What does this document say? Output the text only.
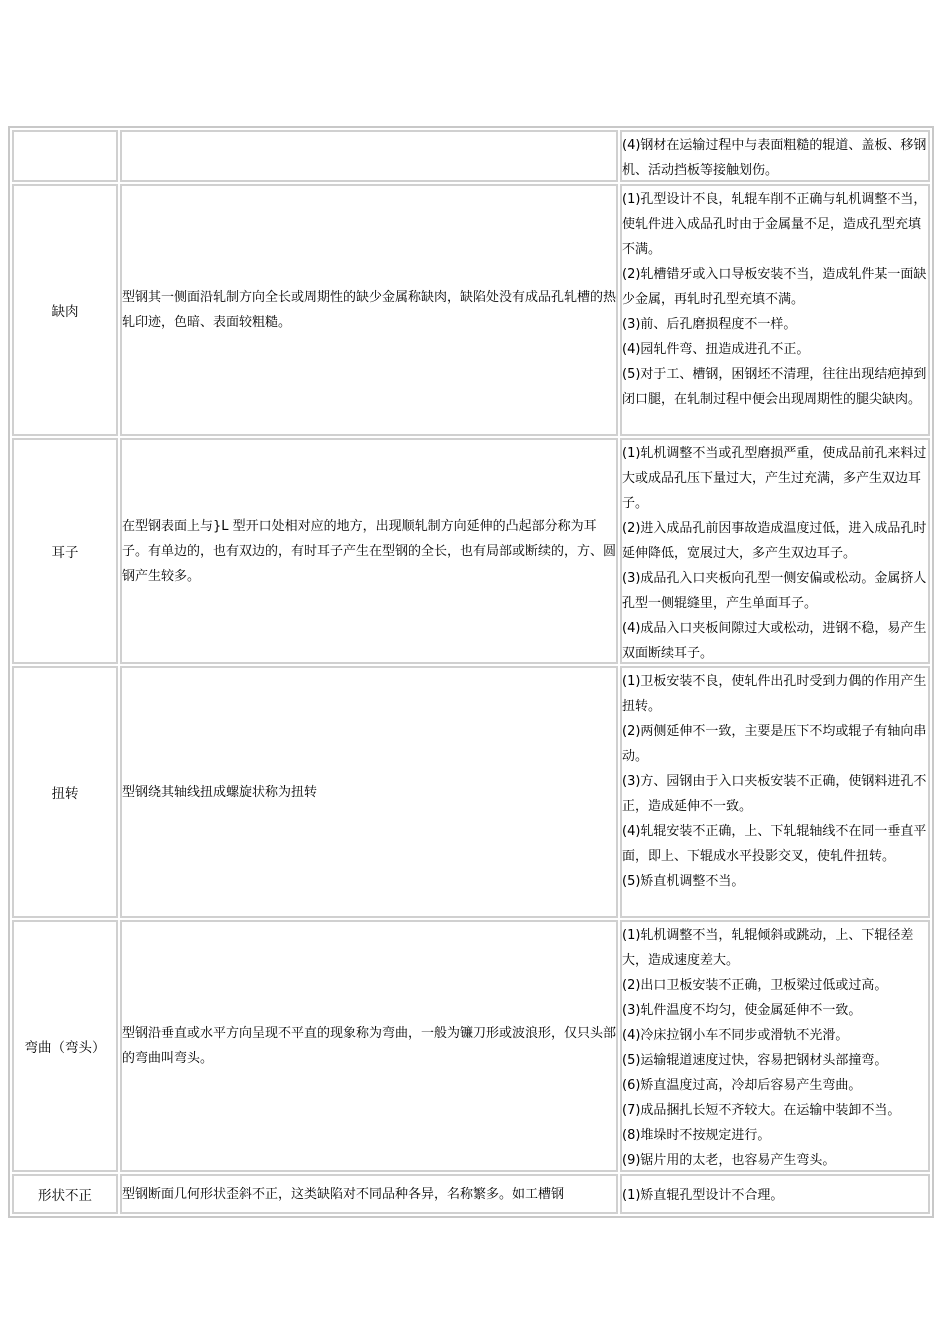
(4)钢材在运输过程中与表面粗糙的辊道、盖板、移钢机、活动挡板等接触划伤。
缺肉
型钢其一侧面沿轧制方向全长或周期性的缺少金属称缺肉，缺陷处没有成品孔轧槽的热轧印迹，色暗、表面较粗糙。
(1)孔型设计不良，轧辊车削不正确与轧机调整不当，使轧件进入成品孔时由于金属量不足，造成孔型充填不满。
(2)轧槽错牙或入口导板安装不当，造成轧件某一面缺少金属，再轧时孔型充填不满。
(3)前、后孔磨损程度不一样。
(4)园轧件弯、扭造成进孔不正。
(5)对于工、槽钢，困钢坯不清理，往往出现结疤掉到闭口腿，在轧制过程中便会出现周期性的腿尖缺肉。
耳子
在型钢表面上与}L 型开口处相对应的地方，出现顺轧制方向延伸的凸起部分称为耳子。有单边的，也有双边的，有时耳子产生在型钢的全长，也有局部或断续的，方、圆钢产生较多。
(1)轧机调整不当或孔型磨损严重，使成品前孔来料过大或成品孔压下量过大，产生过充满，多产生双边耳子。
(2)进入成品孔前因事故造成温度过低，进入成品孔时延伸降低，宽展过大，多产生双边耳子。
(3)成品孔入口夹板向孔型一侧安偏或松动。金属挤人孔型一侧辊缝里，产生单面耳子。
(4)成品入口夹板间隙过大或松动，进钢不稳，易产生双面断续耳子。
扭转	型钢绕其轴线扭成螺旋状称为扭转
(1)卫板安装不良，使轧件出孔时受到力偶的作用产生扭转。
(2)两侧延伸不一致，主要是压下不均或辊子有轴向串动。
(3)方、园钢由于入口夹板安装不正确，使钢料进孔不正，造成延伸不一致。
(4)轧辊安装不正确，上、下轧辊轴线不在同一垂直平面，即上、下辊成水平投影交叉，使轧件扭转。
(5)矫直机调整不当。
弯曲（弯头）
型钢沿垂直或水平方向呈现不平直的现象称为弯曲，一般为镰刀形或波浪形，仅只头部的弯曲叫弯头。
(1)轧机调整不当，轧辊倾斜或跳动，上、下辊径差大，造成速度差大。
(2)出口卫板安装不正确，卫板梁过低或过高。
(3)轧件温度不均匀，使金属延伸不一致。
(4)冷床拉钢小车不同步或滑轨不光滑。
(5)运输辊道速度过快，容易把钢材头部撞弯。
(6)矫直温度过高，冷却后容易产生弯曲。
(7)成品捆扎长短不齐较大。在运输中装卸不当。
(8)堆垛时不按规定进行。
(9)锯片用的太老，也容易产生弯头。
形状不正 型钢断面几何形状歪斜不正，这类缺陷对不同品种各异，名称繁多。如工槽钢	(1)矫直辊孔型设计不合理。
